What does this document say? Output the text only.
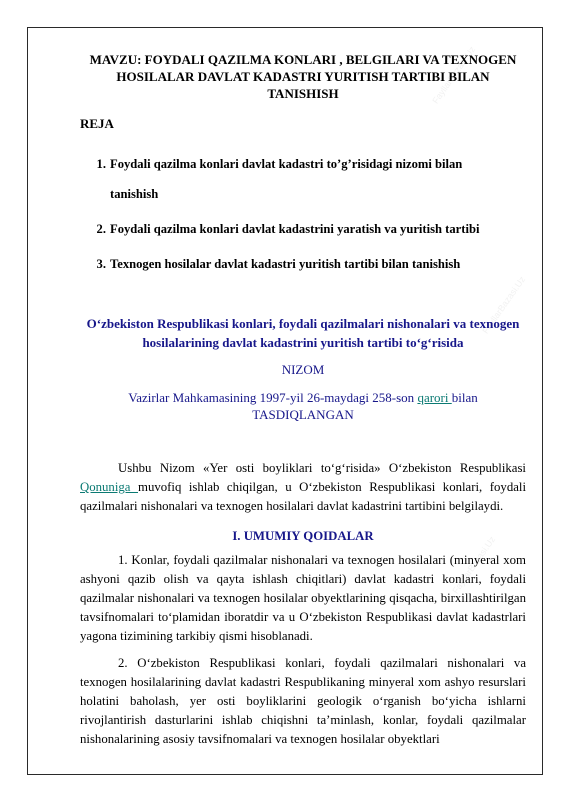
FayllarBazasi.Uz
FayllarBazasi.Uz
FayllarBazasi.Uz

MAVZU: FOYDALI QAZILMA KONLARI , BELGILARI VA TEXNOGEN HOSILALAR DAVLAT KADASTRI YURITISH TARTIBI BILAN TANISHISH

REJA

1. Foydali qazilma konlari davlat kadastri to’g’risidagi nizomi bilan
tanishish
2. Foydali qazilma konlari davlat kadastrini yaratish va yuritish tartibi
3. Texnogen hosilalar davlat kadastri yuritish tartibi bilan tanishish

O‘zbekiston Respublikasi konlari, foydali qazilmalari nishonalari va texnogen hosilalarining davlat kadastrini yuritish tartibi to‘g‘risida

NIZOM

Vazirlar Mahkamasining 1997-yil 26-maydagi 258-son qarori bilan
TASDIQLANGAN

Ushbu Nizom «Yer osti boyliklari to‘g‘risida» O‘zbekiston Respublikasi Qonuniga muvofiq ishlab chiqilgan, u O‘zbekiston Respublikasi konlari, foydali qazilmalari nishonalari va texnogen hosilalari davlat kadastrini tartibini belgilaydi.

I. UMUMIY QOIDALAR

1. Konlar, foydali qazilmalar nishonalari va texnogen hosilalari (minyeral xom ashyoni qazib olish va qayta ishlash chiqitlari) davlat kadastri konlari, foydali qazilmalar nishonalari va texnogen hosilalar obyektlarining qisqacha, birxillashtirilgan tavsifnomalari to‘plamidan iboratdir va u O‘zbekiston Respublikasi davlat kadastrlari yagona tizimining tarkibiy qismi hisoblanadi.

2. O‘zbekiston Respublikasi konlari, foydali qazilmalari nishonalari va texnogen hosilalarining davlat kadastri Respublikaning minyeral xom ashyo resurslari holatini baholash, yer osti boyliklarini geologik o‘rganish bo‘yicha ishlarni rivojlantirish dasturlarini ishlab chiqishni ta’minlash, konlar, foydali qazilmalar nishonalarining asosiy tavsifnomalari va texnogen hosilalar obyektlari
